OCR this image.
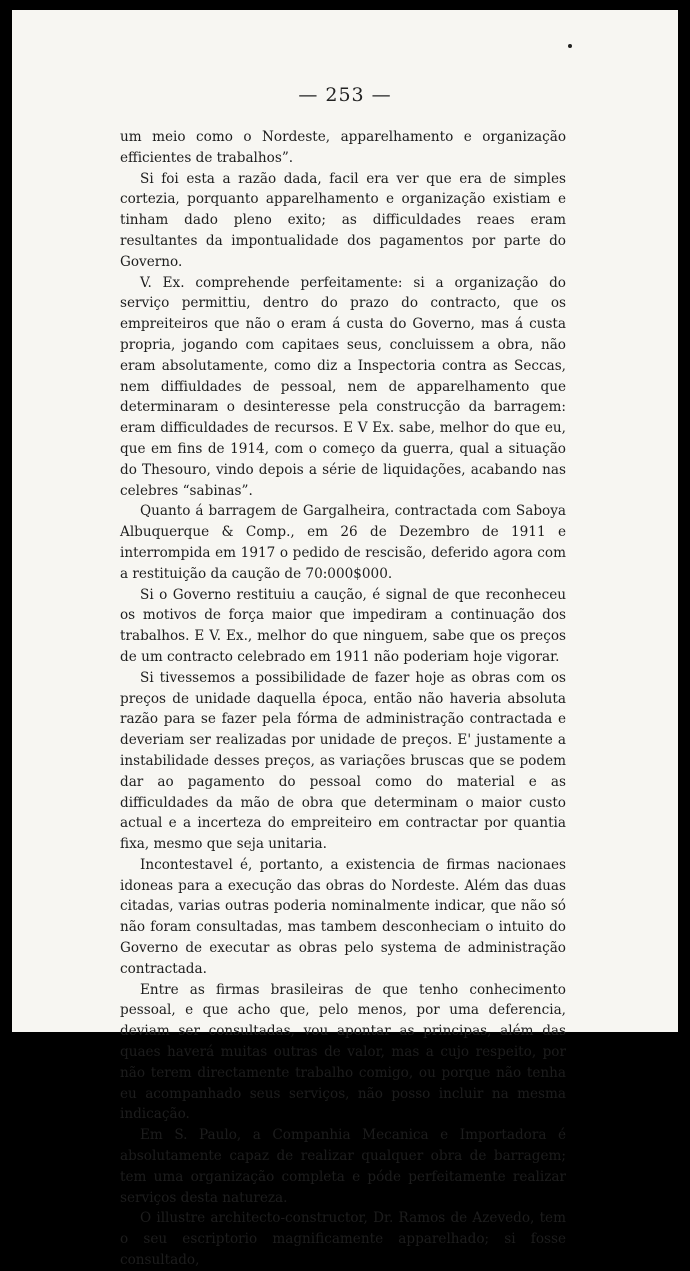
— 253 —

um meio como o Nordeste, apparelhamento e organização efficientes de trabalhos”.

Si foi esta a razão dada, facil era ver que era de simples cortezia, porquanto apparelhamento e organização existiam e tinham dado pleno exito; as difficuldades reaes eram resultantes da impontualidade dos pagamentos por parte do Governo.

V. Ex. comprehende perfeitamente: si a organização do serviço permittiu, dentro do prazo do contracto, que os empreiteiros que não o eram á custa do Governo, mas á custa propria, jogando com capitaes seus, concluissem a obra, não eram absolutamente, como diz a Inspectoria contra as Seccas, nem diffiuldades de pessoal, nem de apparelhamento que determinaram o desinteresse pela construcção da barragem: eram difficuldades de recursos. E V Ex. sabe, melhor do que eu, que em fins de 1914, com o começo da guerra, qual a situação do Thesouro, vindo depois a série de liquidações, acabando nas celebres “sabinas”.

Quanto á barragem de Gargalheira, contractada com Saboya Albuquerque & Comp., em 26 de Dezembro de 1911 e interrompida em 1917 o pedido de rescisão, deferido agora com a restituição da caução de 70:000$000.

Si o Governo restituiu a caução, é signal de que reconheceu os motivos de força maior que impediram a continuação dos trabalhos. E V. Ex., melhor do que ninguem, sabe que os preços de um contracto celebrado em 1911 não poderiam hoje vigorar.

Si tivessemos a possibilidade de fazer hoje as obras com os preços de unidade daquella época, então não haveria absoluta razão para se fazer pela fórma de administração contractada e deveriam ser realizadas por unidade de preços. E' justamente a instabilidade desses preços, as variações bruscas que se podem dar ao pagamento do pessoal como do material e as difficuldades da mão de obra que determinam o maior custo actual e a incerteza do empreiteiro em contractar por quantia fixa, mesmo que seja unitaria.

Incontestavel é, portanto, a existencia de firmas nacionaes idoneas para a execução das obras do Nordeste. Além das duas citadas, varias outras poderia nominalmente indicar, que não só não foram consultadas, mas tambem desconheciam o intuito do Governo de executar as obras pelo systema de administração contractada.

Entre as firmas brasileiras de que tenho conhecimento pessoal, e que acho que, pelo menos, por uma deferencia, deviam ser consultadas, vou apontar as principas, além das quaes haverá muitas outras de valor, mas a cujo respeito, por não terem directamente trabalho comigo, ou porque não tenha eu acompanhado seus serviços, não posso incluir na mesma indicação.

Em S. Paulo, a Companhia Mecanica e Importadora é absolutamente capaz de realizar qualquer obra de barragem; tem uma organização completa e póde perfeitamente realizar serviços desta natureza.

O illustre architecto-constructor, Dr. Ramos de Azevedo, tem o seu escriptorio magnificamente apparelhado; si fosse consultado,
